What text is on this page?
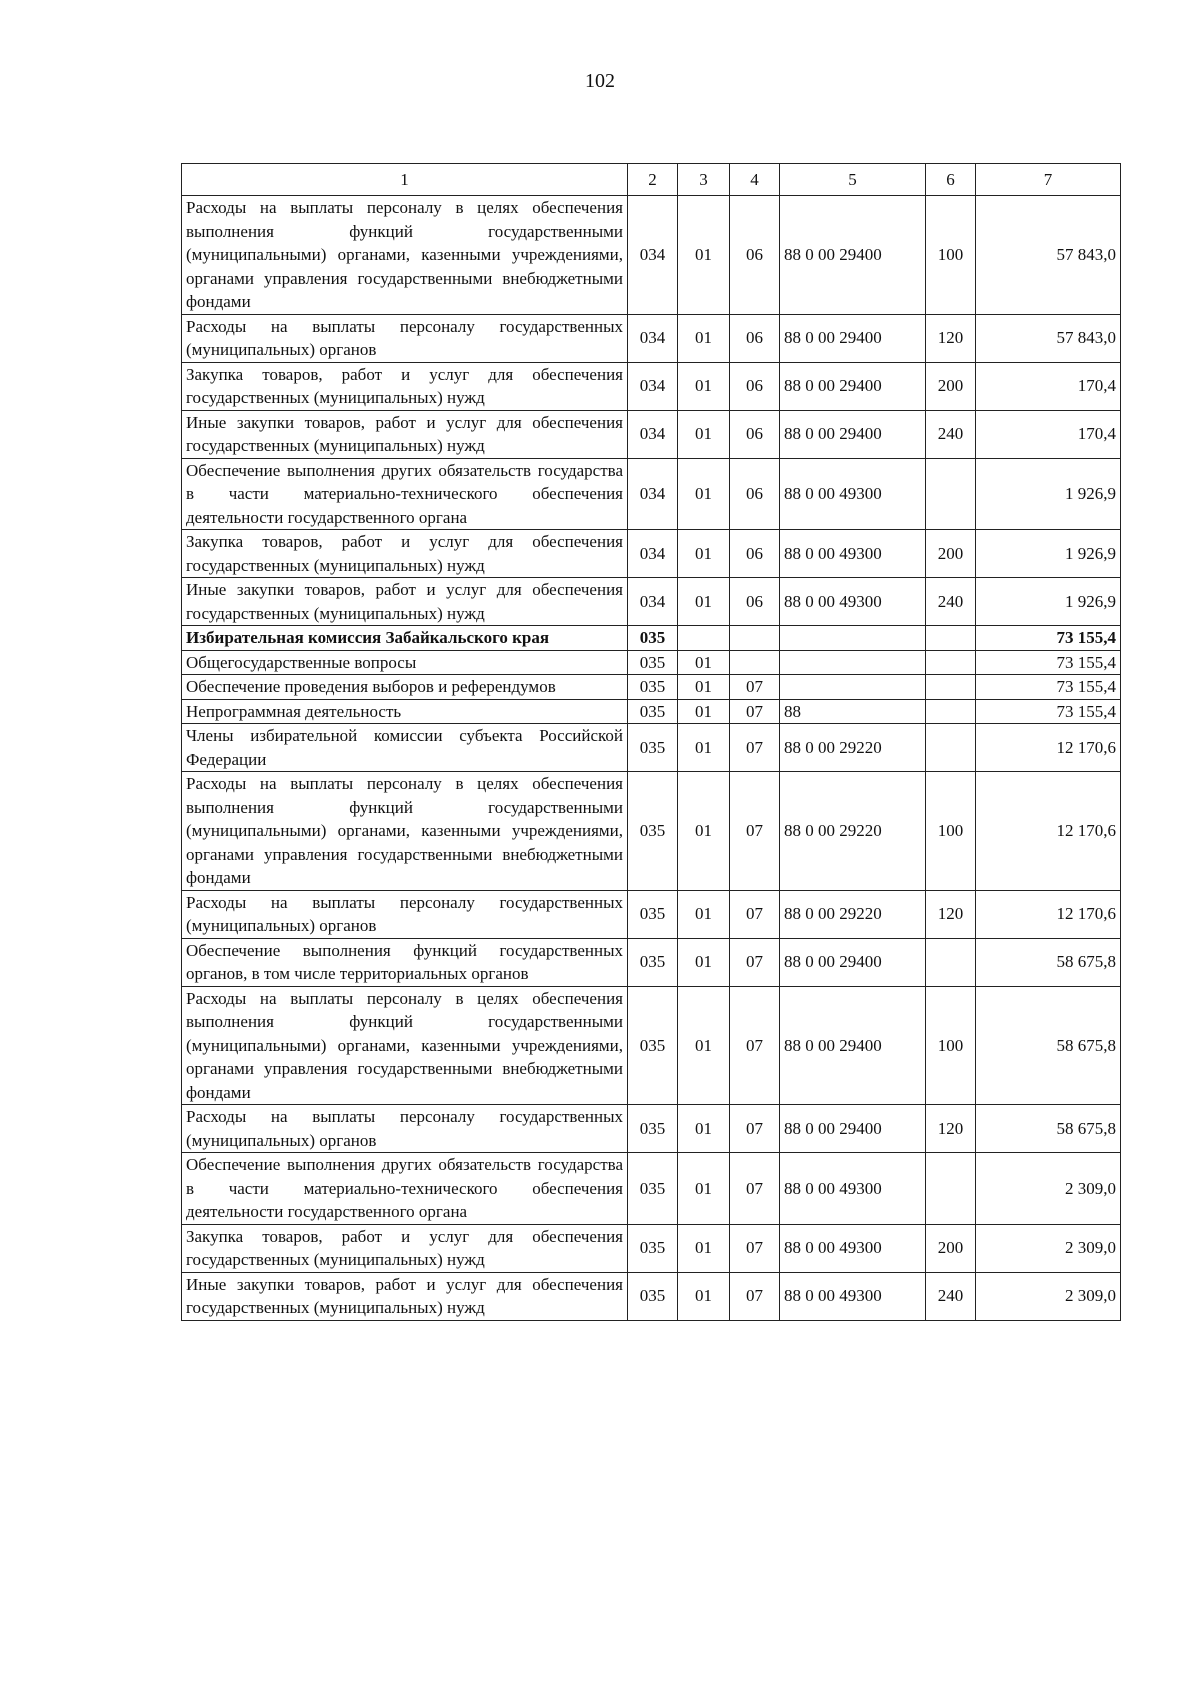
102
1	2	3	4	5	6	7
Расходы на выплаты персоналу в целях обеспечения выполнения функций государственными (муниципальными) органами, казенными учреждениями, органами управления государственными внебюджетными фондами	034	01	06	88 0 00 29400	100	57 843,0
Расходы на выплаты персоналу государственных (муниципальных) органов	034	01	06	88 0 00 29400	120	57 843,0
Закупка товаров, работ и услуг для обеспечения государственных (муниципальных) нужд	034	01	06	88 0 00 29400	200	170,4
Иные закупки товаров, работ и услуг для обеспечения государственных (муниципальных) нужд	034	01	06	88 0 00 29400	240	170,4
Обеспечение выполнения других обязательств государства в части материально-технического обеспечения деятельности государственного органа	034	01	06	88 0 00 49300		1 926,9
Закупка товаров, работ и услуг для обеспечения государственных (муниципальных) нужд	034	01	06	88 0 00 49300	200	1 926,9
Иные закупки товаров, работ и услуг для обеспечения государственных (муниципальных) нужд	034	01	06	88 0 00 49300	240	1 926,9
Избирательная комиссия Забайкальского края	035					73 155,4
Общегосударственные вопросы	035	01				73 155,4
Обеспечение проведения выборов и референдумов	035	01	07			73 155,4
Непрограммная деятельность	035	01	07	88		73 155,4
Члены избирательной комиссии субъекта Российской Федерации	035	01	07	88 0 00 29220		12 170,6
Расходы на выплаты персоналу в целях обеспечения выполнения функций государственными (муниципальными) органами, казенными учреждениями, органами управления государственными внебюджетными фондами	035	01	07	88 0 00 29220	100	12 170,6
Расходы на выплаты персоналу государственных (муниципальных) органов	035	01	07	88 0 00 29220	120	12 170,6
Обеспечение выполнения функций государственных органов, в том числе территориальных органов	035	01	07	88 0 00 29400		58 675,8
Расходы на выплаты персоналу в целях обеспечения выполнения функций государственными (муниципальными) органами, казенными учреждениями, органами управления государственными внебюджетными фондами	035	01	07	88 0 00 29400	100	58 675,8
Расходы на выплаты персоналу государственных (муниципальных) органов	035	01	07	88 0 00 29400	120	58 675,8
Обеспечение выполнения других обязательств государства в части материально-технического обеспечения деятельности государственного органа	035	01	07	88 0 00 49300		2 309,0
Закупка товаров, работ и услуг для обеспечения государственных (муниципальных) нужд	035	01	07	88 0 00 49300	200	2 309,0
Иные закупки товаров, работ и услуг для обеспечения государственных (муниципальных) нужд	035	01	07	88 0 00 49300	240	2 309,0
